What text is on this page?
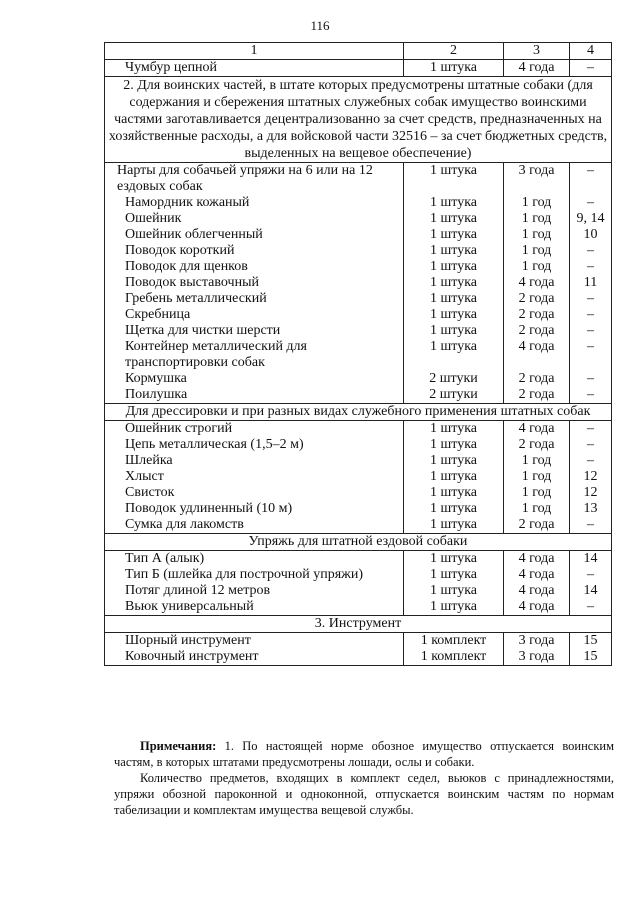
116
1	2	3	4
Чумбур цепной	1 штука	4 года	–
2. Для воинских частей, в штате которых предусмотрены штатные собаки (для содержания и сбережения штатных служебных собак имущество воинскими частями заготавливается децентрализованно за счет средств, предназначенных на хозяйственные расходы, а для войсковой части 32516 – за счет бюджетных средств, выделенных на вещевое обеспечение)			
Нарты для собачьей упряжи на 6 или на 12 ездовых собак	1 штука	3 года	–
Намордник кожаный	1 штука	1 год	–
Ошейник	1 штука	1 год	9, 14
Ошейник облегченный	1 штука	1 год	10
Поводок короткий	1 штука	1 год	–
Поводок для щенков	1 штука	1 год	–
Поводок выставочный	1 штука	4 года	11
Гребень металлический	1 штука	2 года	–
Скребница	1 штука	2 года	–
Щетка для чистки шерсти	1 штука	2 года	–
Контейнер металлический для транспортировки собак	1 штука	4 года	–
Кормушка	2 штуки	2 года	–
Поилушка	2 штуки	2 года	–
Для дрессировки и при разных видах служебного применения штатных собак			
Ошейник строгий	1 штука	4 года	–
Цепь металлическая (1,5–2 м)	1 штука	2 года	–
Шлейка	1 штука	1 год	–
Хлыст	1 штука	1 год	12
Свисток	1 штука	1 год	12
Поводок удлиненный (10 м)	1 штука	1 год	13
Сумка для лакомств	1 штука	2 года	–
Упряжь для штатной ездовой собаки			
Тип А (алык)	1 штука	4 года	14
Тип Б (шлейка для построчной упряжи)	1 штука	4 года	–
Потяг длиной 12 метров	1 штука	4 года	14
Вьюк универсальный	1 штука	4 года	–
3. Инструмент			
Шорный инструмент	1 комплект	3 года	15
Ковочный инструмент	1 комплект	3 года	15

Примечания: 1. По настоящей норме обозное имущество отпускается воинским частям, в которых штатами предусмотрены лошади, ослы и собаки.

Количество предметов, входящих в комплект седел, вьюков с принадлежностями, упряжи обозной пароконной и одноконной, отпускается воинским частям по нормам табелизации и комплектам имущества вещевой службы.
